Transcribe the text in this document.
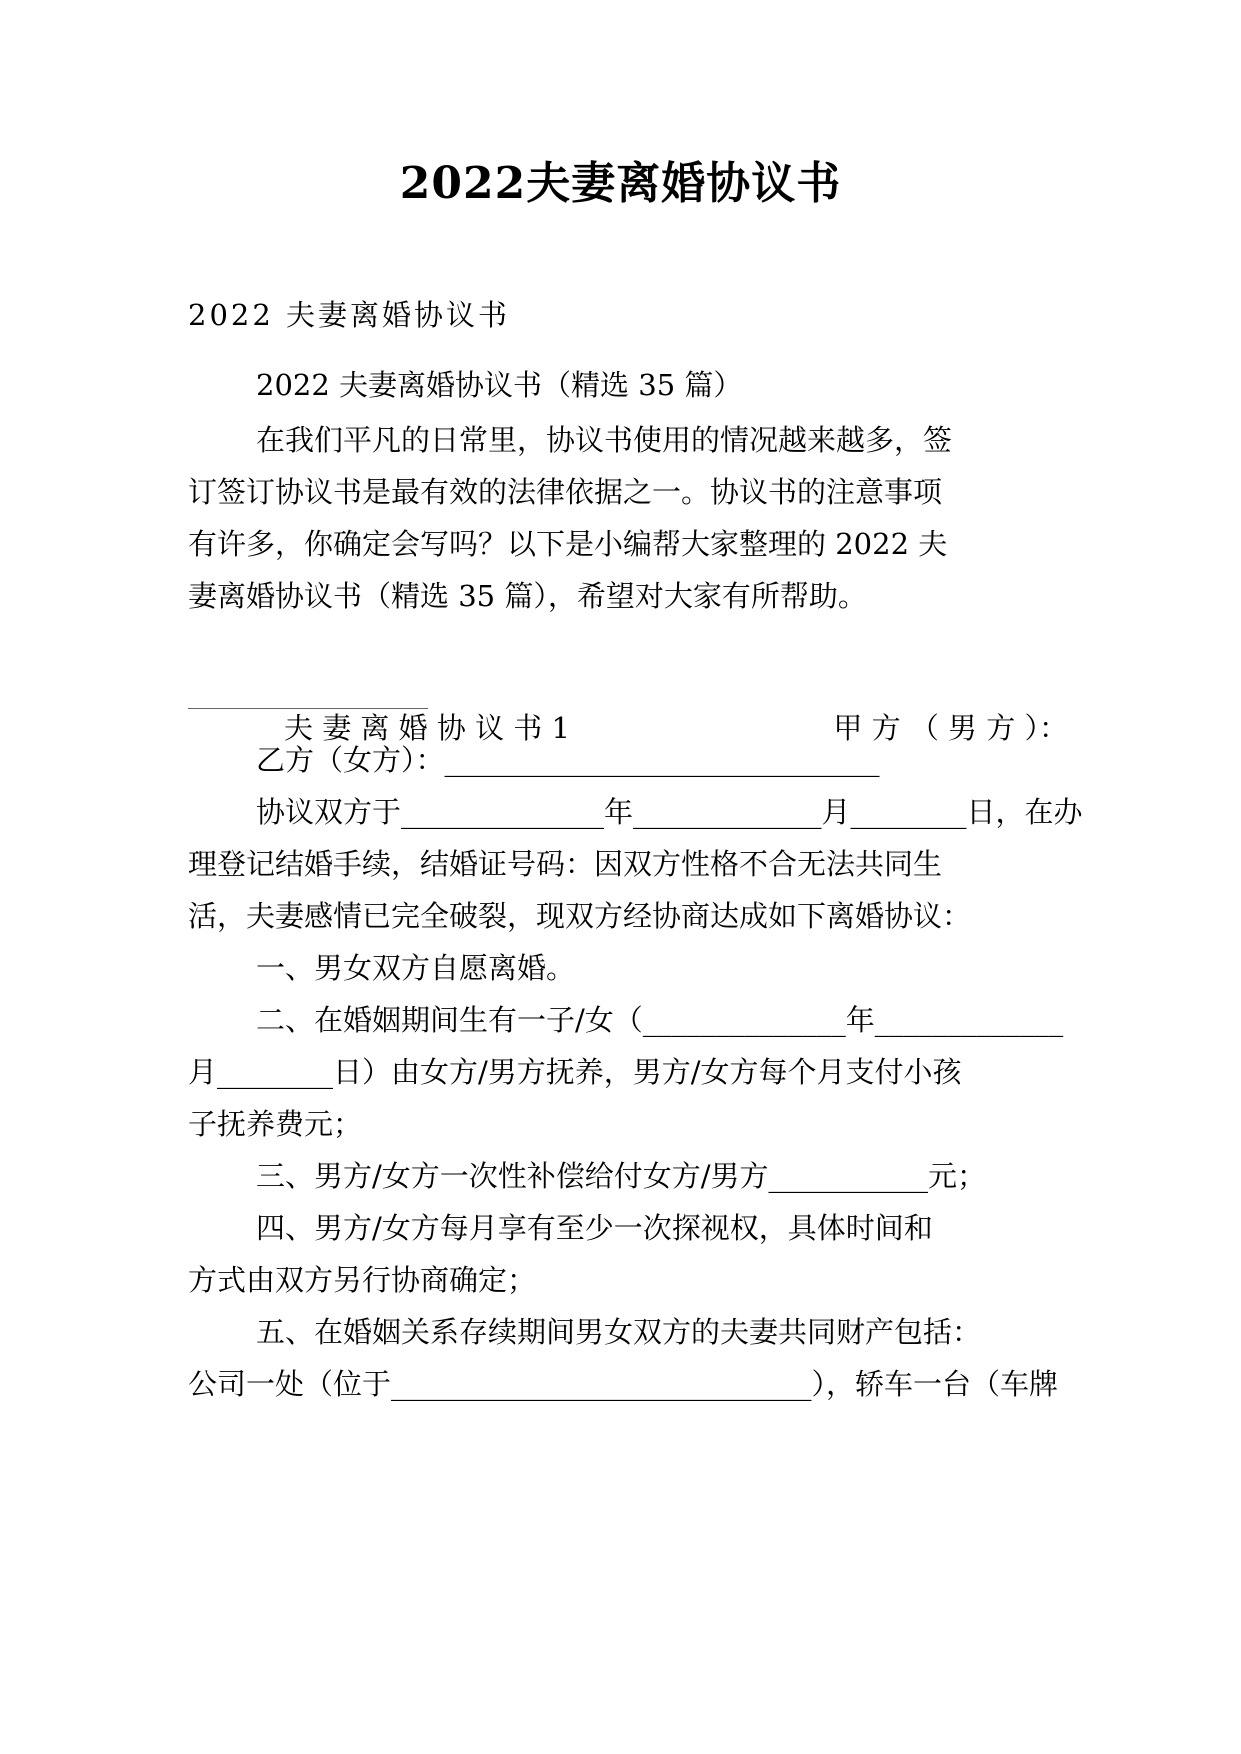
2022夫妻离婚协议书
2022 夫妻离婚协议书
2022 夫妻离婚协议书（精选 35 篇）
在我们平凡的日常里，协议书使用的情况越来越多，签
订签订协议书是最有效的法律依据之一。协议书的注意事项
有许多，你确定会写吗？以下是小编帮大家整理的 2022 夫
妻离婚协议书（精选 35 篇），希望对大家有所帮助。

夫 妻 离 婚 协 议 书 1	甲 方 （ 男 方 ）：

______________________________
乙方（女方）：______________________________
协议双方于______________年_____________月________日，在办
理登记结婚手续，结婚证号码：因双方性格不合无法共同生
活，夫妻感情已完全破裂，现双方经协商达成如下离婚协议：
一、男女双方自愿离婚。
二、在婚姻期间生有一子/女（______________年_____________
月________日）由女方/男方抚养，男方/女方每个月支付小孩
子抚养费元；
三、男方/女方一次性补偿给付女方/男方___________元；
四、男方/女方每月享有至少一次探视权，具体时间和
方式由双方另行协商确定；
五、在婚姻关系存续期间男女双方的夫妻共同财产包括：
公司一处（位于_____________________________），轿车一台（车牌
